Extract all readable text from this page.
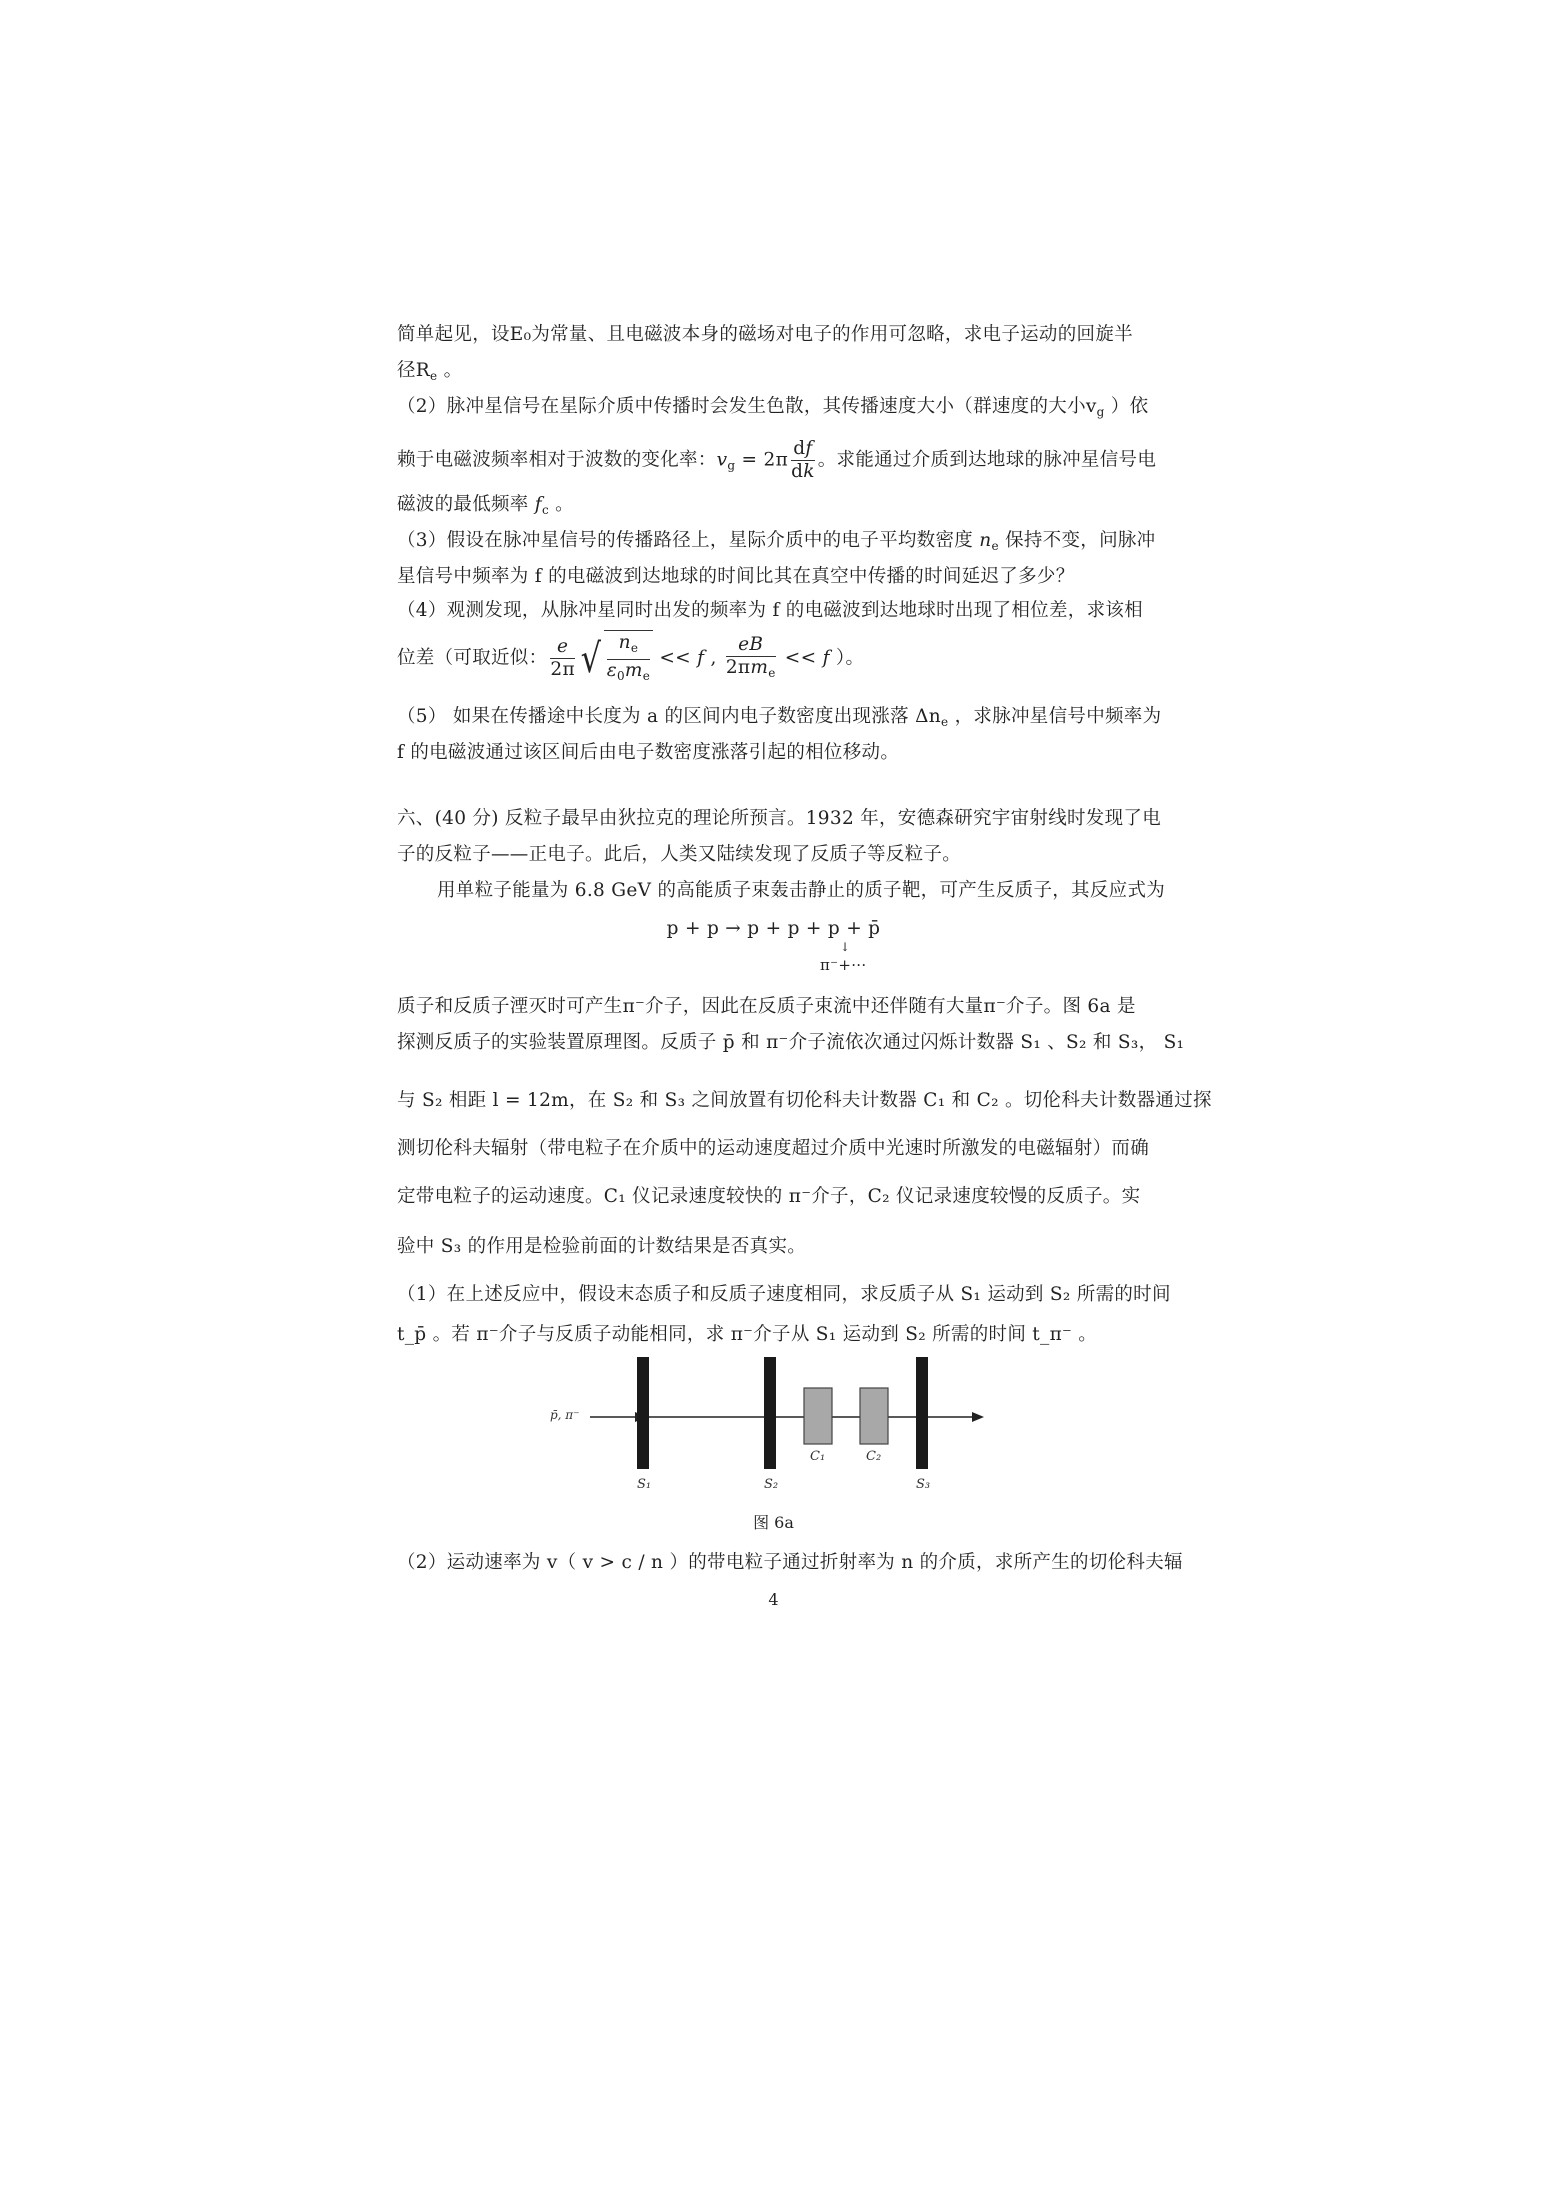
简单起见，设E₀为常量、且电磁波本身的磁场对电子的作用可忽略，求电子运动的回旋半
径$R_e$ 。
（2）脉冲星信号在星际介质中传播时会发生色散，其传播速度大小（群速度的大小$v_g$ ）依
赖于电磁波频率相对于波数的变化率：$v_g = 2\pi \frac{df}{dk}$ 。求能通过介质到达地球的脉冲星信号电
磁波的最低频率 $f_c$ 。
（3）假设在脉冲星信号的传播路径上，星际介质中的电子平均数密度 $n_e$ 保持不变，问脉冲
星信号中频率为 f 的电磁波到达地球的时间比其在真空中传播的时间延迟了多少？
（4）观测发现，从脉冲星同时出发的频率为 f 的电磁波到达地球时出现了相位差，求该相
位差（可取近似： $\frac{e}{2\pi}$ √ $\frac{n_e}{\varepsilon_0m_e} << f$ , $\frac{eB}{2\pi m_e} << f$ ）。
（5） 如果在传播途中长度为 a 的区间内电子数密度出现涨落 $\Delta n_e$ ，求脉冲星信号中频率为
f 的电磁波通过该区间后由电子数密度涨落引起的相位移动。
六、(40 分) 反粒子最早由狄拉克的理论所预言。1932 年，安德森研究宇宙射线时发现了电
子的反粒子——正电子。此后，人类又陆续发现了反质子等反粒子。
用单粒子能量为 6.8 GeV 的高能质子束轰击静止的质子靶，可产生反质子，其反应式为
p + p → p + p + p + p̄
↓
π⁻+···
质子和反质子湮灭时可产生π⁻介子，因此在反质子束流中还伴随有大量π⁻介子。图 6a 是
探测反质子的实验装置原理图。反质子 p̄ 和 π⁻介子流依次通过闪烁计数器 S₁ 、S₂ 和 S₃， S₁
与 S₂ 相距 l = 12m，在 S₂ 和 S₃ 之间放置有切伦科夫计数器 C₁ 和 C₂ 。切伦科夫计数器通过探
测切伦科夫辐射（带电粒子在介质中的运动速度超过介质中光速时所激发的电磁辐射）而确
定带电粒子的运动速度。C₁ 仪记录速度较快的 π⁻介子，C₂ 仪记录速度较慢的反质子。实
验中 S₃ 的作用是检验前面的计数结果是否真实。
（1）在上述反应中，假设末态质子和反质子速度相同，求反质子从 S₁ 运动到 S₂ 所需的时间
t_p̄ 。若 π⁻介子与反质子动能相同，求 π⁻介子从 S₁ 运动到 S₂ 所需的时间 t_π⁻ 。
p̄, π⁻
C₁	C₂
S₁	S₂	S₃
图 6a
（2）运动速率为 v（ v > c / n ）的带电粒子通过折射率为 n 的介质，求所产生的切伦科夫辐
4
